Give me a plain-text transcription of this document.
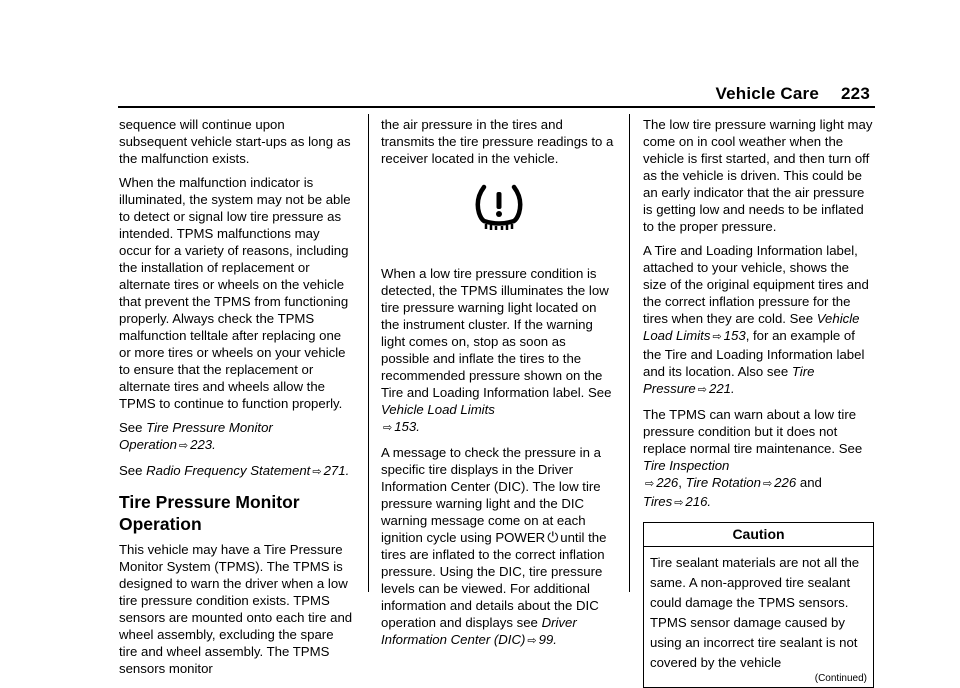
Vehicle Care 223

sequence will continue upon subsequent vehicle start-ups as long as the malfunction exists.

When the malfunction indicator is illuminated, the system may not be able to detect or signal low tire pressure as intended. TPMS malfunctions may occur for a variety of reasons, including the installation of replacement or alternate tires or wheels on the vehicle that prevent the TPMS from functioning properly. Always check the TPMS malfunction telltale after replacing one or more tires or wheels on your vehicle to ensure that the replacement or alternate tires and wheels allow the TPMS to continue to function properly.

See Tire Pressure Monitor Operation ⇨ 223.

See Radio Frequency Statement ⇨ 271.

Tire Pressure Monitor Operation

This vehicle may have a Tire Pressure Monitor System (TPMS). The TPMS is designed to warn the driver when a low tire pressure condition exists. TPMS sensors are mounted onto each tire and wheel assembly, excluding the spare tire and wheel assembly. The TPMS sensors monitor

the air pressure in the tires and transmits the tire pressure readings to a receiver located in the vehicle.

When a low tire pressure condition is detected, the TPMS illuminates the low tire pressure warning light located on the instrument cluster. If the warning light comes on, stop as soon as possible and inflate the tires to the recommended pressure shown on the Tire and Loading Information label. See Vehicle Load Limits
⇨ 153.

A message to check the pressure in a specific tire displays in the Driver Information Center (DIC). The low tire pressure warning light and the DIC warning message come on at each ignition cycle using POWER ⏻ until the tires are inflated to the correct inflation pressure. Using the DIC, tire pressure levels can be viewed. For additional information and details about the DIC operation and displays see Driver Information Center (DIC) ⇨ 99.

The low tire pressure warning light may come on in cool weather when the vehicle is first started, and then turn off as the vehicle is driven. This could be an early indicator that the air pressure is getting low and needs to be inflated to the proper pressure.

A Tire and Loading Information label, attached to your vehicle, shows the size of the original equipment tires and the correct inflation pressure for the tires when they are cold. See Vehicle Load Limits ⇨ 153, for an example of the Tire and Loading Information label and its location. Also see Tire Pressure ⇨ 221.

The TPMS can warn about a low tire pressure condition but it does not replace normal tire maintenance. See Tire Inspection
⇨ 226, Tire Rotation ⇨ 226 and
Tires ⇨ 216.

Caution
Tire sealant materials are not all the same. A non-approved tire sealant could damage the TPMS sensors. TPMS sensor damage caused by using an incorrect tire sealant is not covered by the vehicle
(Continued)
